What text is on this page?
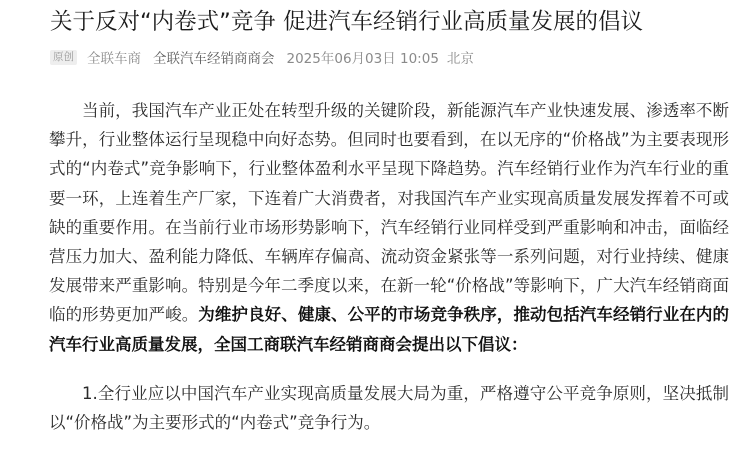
关于反对“内卷式”竞争 促进汽车经销行业高质量发展的倡议
原创 全联车商 全联汽车经销商商会 2025年06月03日 10:05 北京

当前，我国汽车产业正处在转型升级的关键阶段，新能源汽车产业快速发展、渗透率不断攀升，行业整体运行呈现稳中向好态势。但同时也要看到，在以无序的“价格战”为主要表现形式的“内卷式”竞争影响下，行业整体盈利水平呈现下降趋势。汽车经销行业作为汽车行业的重要一环，上连着生产厂家，下连着广大消费者，对我国汽车产业实现高质量发展发挥着不可或缺的重要作用。在当前行业市场形势影响下，汽车经销行业同样受到严重影响和冲击，面临经营压力加大、盈利能力降低、车辆库存偏高、流动资金紧张等一系列问题，对行业持续、健康发展带来严重影响。特别是今年二季度以来，在新一轮“价格战”等影响下，广大汽车经销商面临的形势更加严峻。为维护良好、健康、公平的市场竞争秩序，推动包括汽车经销行业在内的汽车行业高质量发展，全国工商联汽车经销商商会提出以下倡议：

1.全行业应以中国汽车产业实现高质量发展大局为重，严格遵守公平竞争原则，坚决抵制以“价格战”为主要形式的“内卷式”竞争行为。
